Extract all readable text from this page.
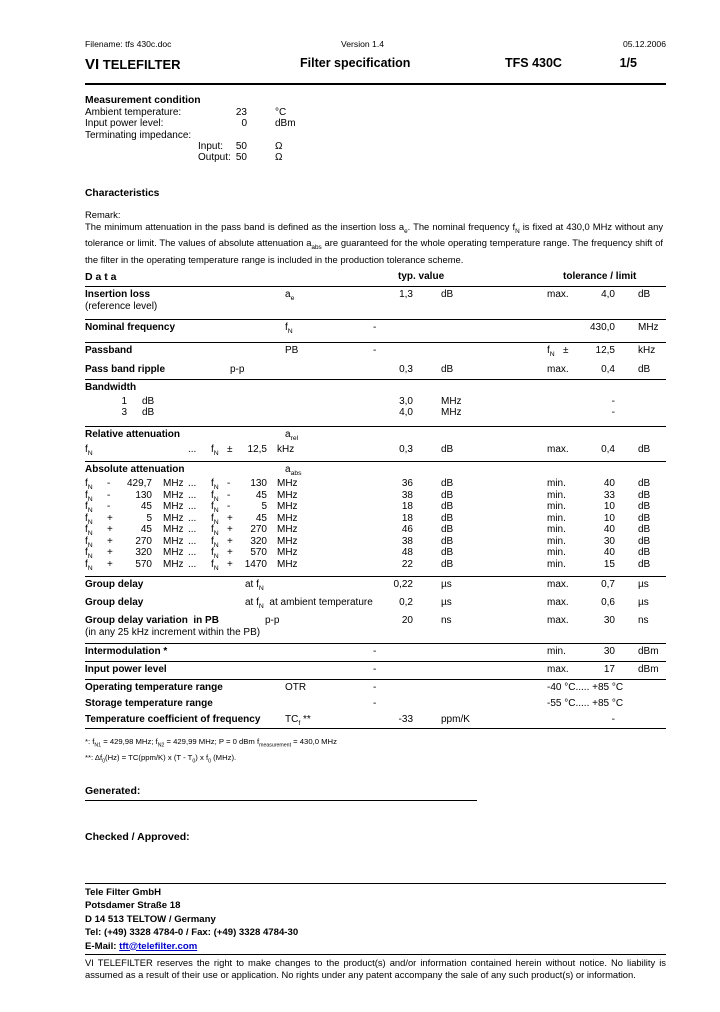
Filename: tfs 430c.doc	Version 1.4	05.12.2006
VI TELEFILTER	Filter specification	TFS 430C	1/5
Measurement condition
Ambient temperature:	23	°C
Input power level:	0	dBm
Terminating impedance:
Input:	50	Ω
Output: 50	Ω
Characteristics
Remark:
The minimum attenuation in the pass band is defined as the insertion loss $a_e$. The nominal frequency $f_N$ is fixed at 430,0 MHz without any tolerance or limit. The values of absolute attenuation $a_{abs}$ are guaranteed for the whole operating temperature range. The frequency shift of the filter in the operating temperature range is included in the production tolerance scheme.
D a t a	typ. value	tolerance / limit
Insertion loss
(reference level)
$a_e$	1,3	dB	max.	4,0 dB
Nominal frequency	$f_N$	-	430,0 MHz
Passband	PB	-	$f_N$   ±	12,5 kHz
Pass band ripple	p-p	0,3	dB	max.	0,4 dB
Bandwidth
1 dB	3,0	MHz	-
3 dB	4,0	MHz	-
Relative attenuation	$a_{rel}$
$f_N$	... $f_N$ ±	12,5 kHz	0,3	dB	max.	0,4 dB
Absolute attenuation	$a_{abs}$
$f_N$ -	429,7 MHz ... $f_N$ -	130 MHz	36	dB	min.	40 dB
$f_N$ -	130 MHz ... $f_N$ -	45 MHz	38	dB	min.	33 dB
$f_N$ -	45 MHz ... $f_N$ -	5 MHz	18	dB	min.	10 dB
$f_N$ +	5 MHz ... $f_N$ +	45 MHz	18	dB	min.	10 dB
$f_N$ +	45 MHz ... $f_N$ +	270 MHz	46	dB	min.	40 dB
$f_N$ +	270 MHz ... $f_N$ +	320 MHz	38	dB	min.	30 dB
$f_N$ +	320 MHz ... $f_N$ +	570 MHz	48	dB	min.	40 dB
$f_N$ +	570 MHz ... $f_N$ +	1470 MHz	22	dB	min.	15 dB
Group delay	at $f_N$	0,22	µs	max.	0,7 µs
Group delay	at $f_N$  at ambient temperature	0,2	µs	max.	0,6 µs
Group delay variation  in PB
(in any 25 kHz increment within the PB)
p-p	20	ns	max.	30 ns
Intermodulation *	-	min.	30 dBm
Input power level	-	max.	17 dBm
Operating temperature range	OTR	-	-40 °C..... +85 °C
Storage temperature range	-	-55 °C..... +85 °C
Temperature coefficient of frequency $TC_f$ **	-33	ppm/K	-
*: $f_{N1} = 429,98$ MHz; $f_{N2} = 429,99$ MHz; P = 0 dBm $f_{measurement} = 430,0$ MHz
**: $\Delta f_0(Hz) = TC(ppm/K)$ x $(T - T_0)$ x $f_0$ (MHz).
Generated:
Checked / Approved:
Tele Filter GmbH
Potsdamer Straße 18
D 14 513 TELTOW / Germany
Tel: (+49) 3328 4784-0 / Fax: (+49) 3328 4784-30
E-Mail: tft@telefilter.com

VI TELEFILTER reserves the right to make changes to the product(s) and/or information contained herein without notice. No liability is assumed as a result of their use or application. No rights under any patent accompany the sale of any such product(s) or information.
